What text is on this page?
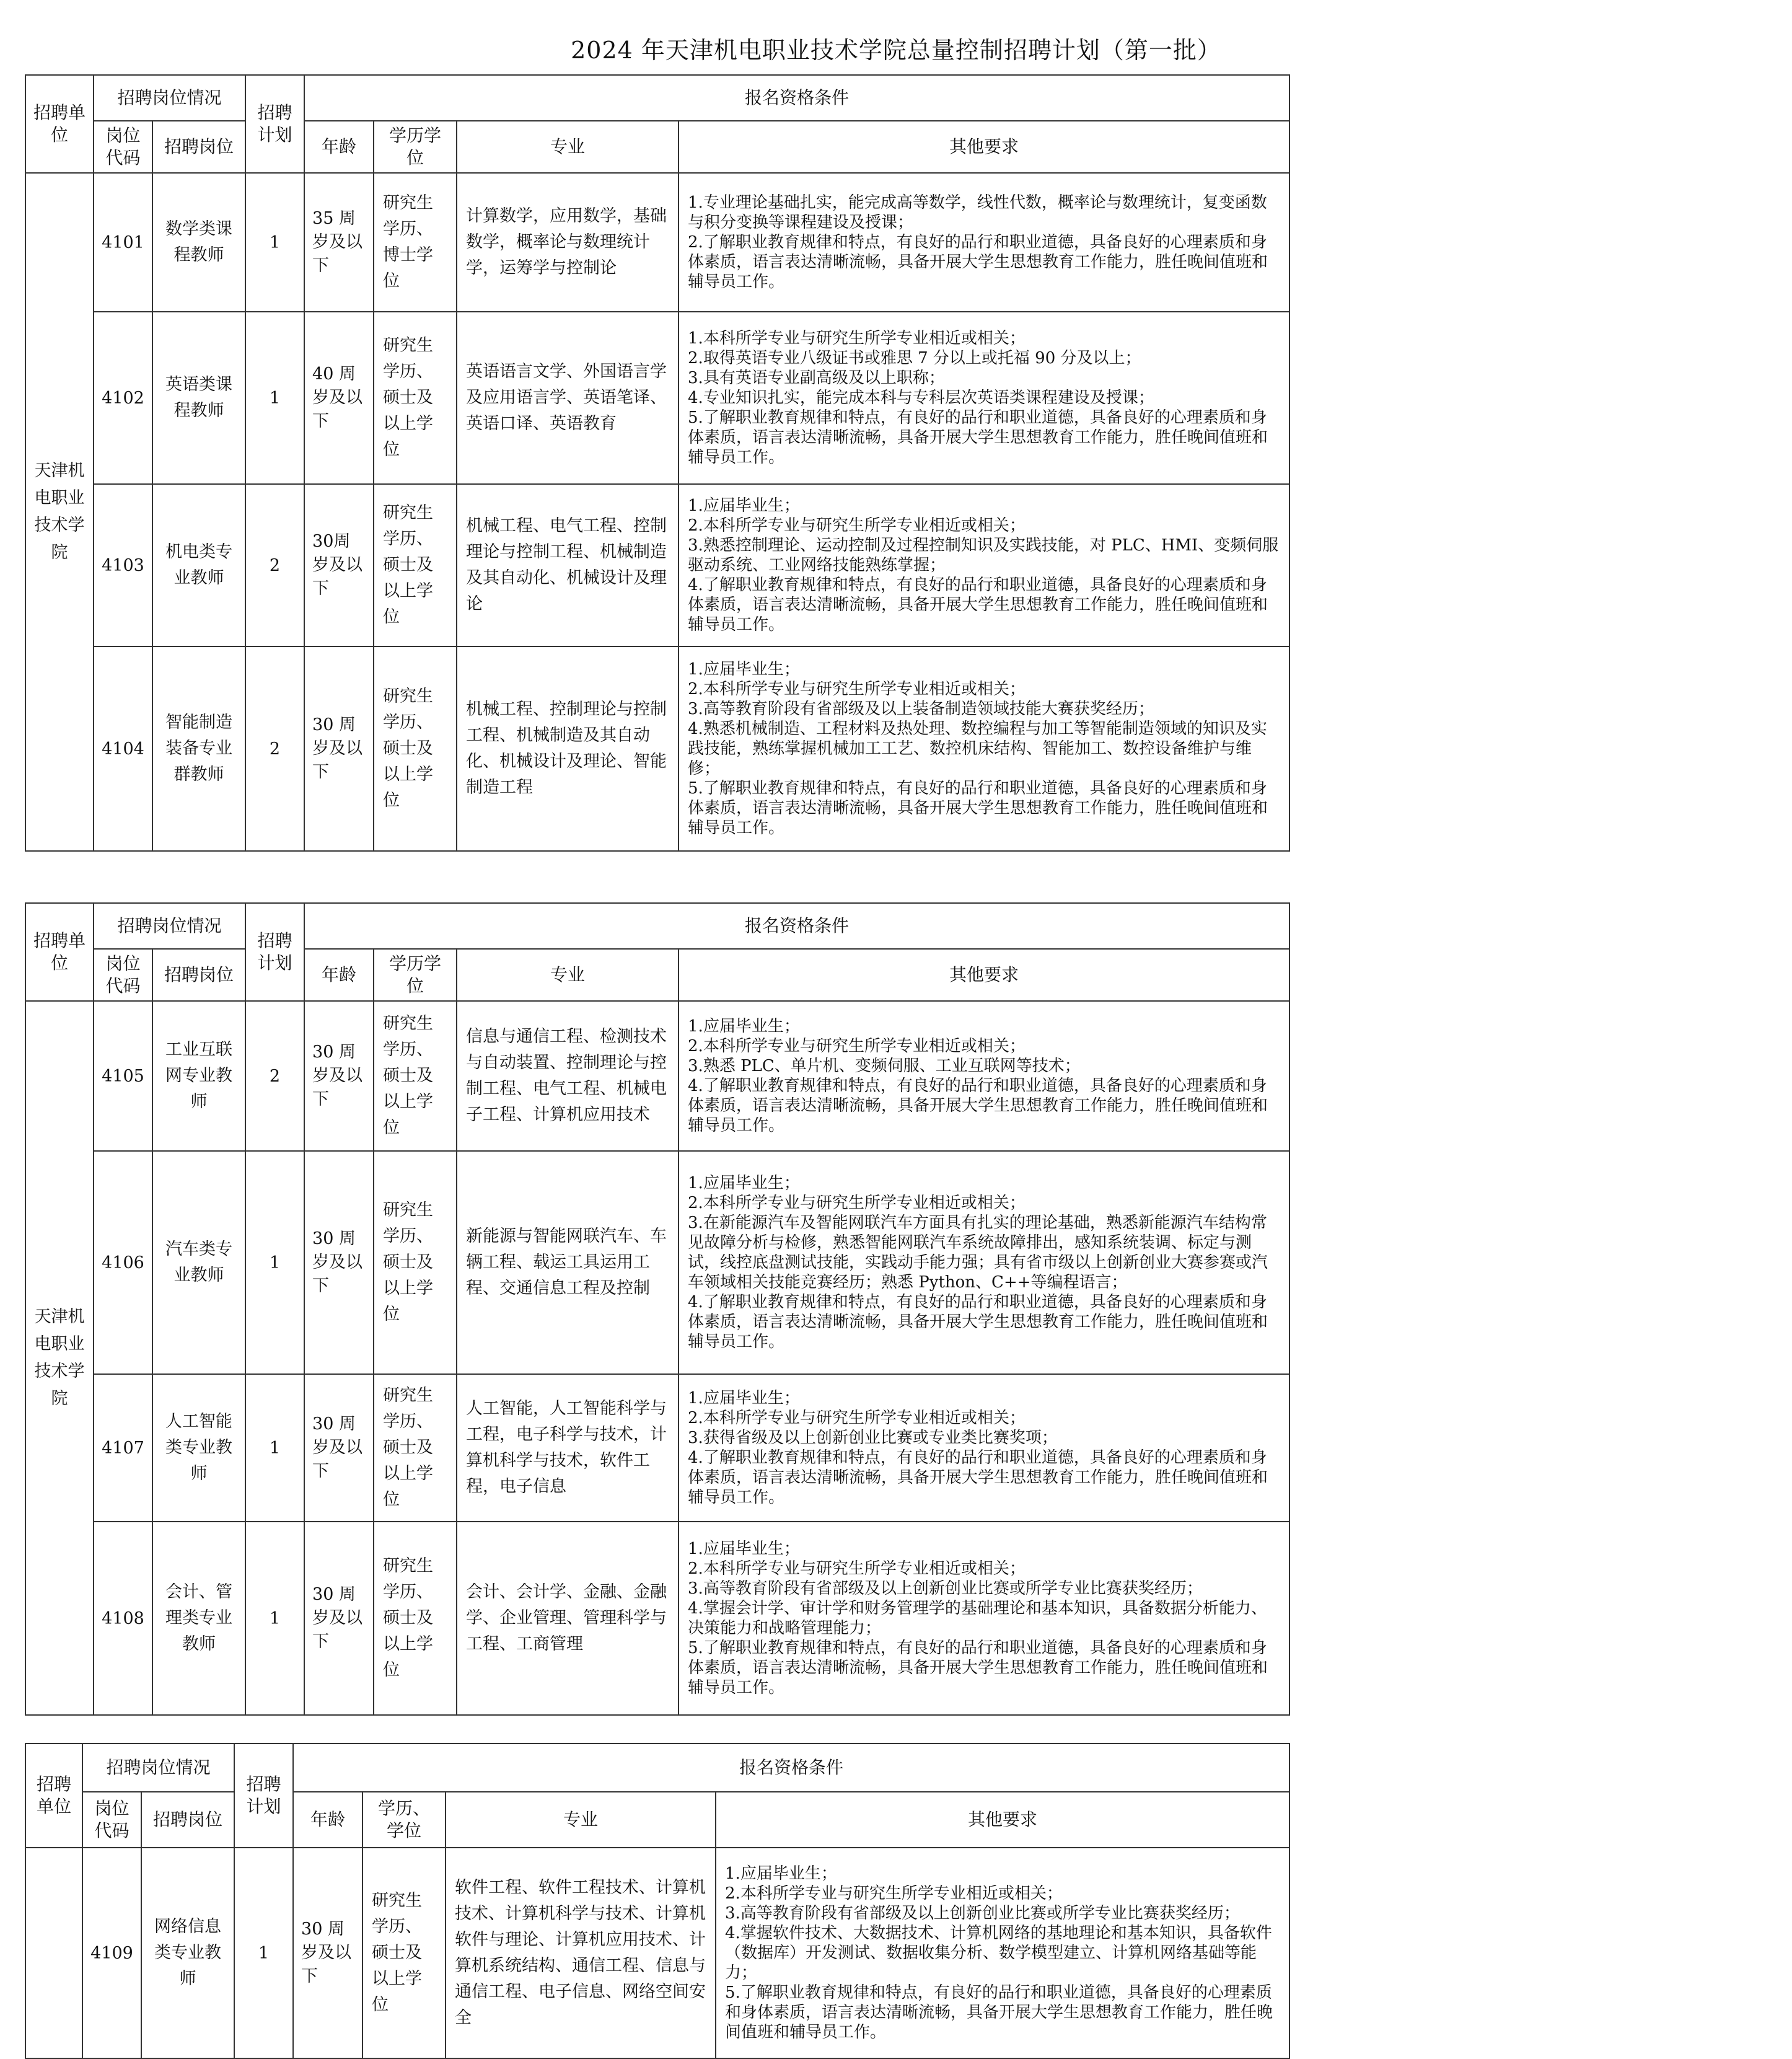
2024 年天津机电职业技术学院总量控制招聘计划（第一批）
招聘单位	招聘岗位情况		招聘计划	报名资格条件			
	岗位代码	招聘岗位		年龄	学历学位	专业	其他要求
天津机电职业技术学院	4101	数学类课程教师	1	35 周岁及以下	研究生学历、博士学位	计算数学，应用数学，基础数学，概率论与数理统计学，运筹学与控制论	1.专业理论基础扎实，能完成高等数学，线性代数，概率论与数理统计，复变函数与积分变换等课程建设及授课；
2.了解职业教育规律和特点，有良好的品行和职业道德，具备良好的心理素质和身体素质，语言表达清晰流畅，具备开展大学生思想教育工作能力，胜任晚间值班和辅导员工作。

	4102	英语类课程教师	1	40 周岁及以下	研究生学历、硕士及以上学位	英语语言文学、外国语言学及应用语言学、英语笔译、英语口译、英语教育	1.本科所学专业与研究生所学专业相近或相关；
2.取得英语专业八级证书或雅思 7 分以上或托福 90 分及以上；
3.具有英语专业副高级及以上职称；
4.专业知识扎实，能完成本科与专科层次英语类课程建设及授课；
5.了解职业教育规律和特点，有良好的品行和职业道德，具备良好的心理素质和身体素质，语言表达清晰流畅，具备开展大学生思想教育工作能力，胜任晚间值班和辅导员工作。

	4103	机电类专业教师	2	30周岁及以下	研究生学历、硕士及以上学位	机械工程、电气工程、控制理论与控制工程、机械制造及其自动化、机械设计及理论	1.应届毕业生；
2.本科所学专业与研究生所学专业相近或相关；
3.熟悉控制理论、运动控制及过程控制知识及实践技能，对 PLC、HMI、变频伺服驱动系统、工业网络技能熟练掌握；
4.了解职业教育规律和特点，有良好的品行和职业道德，具备良好的心理素质和身体素质，语言表达清晰流畅，具备开展大学生思想教育工作能力，胜任晚间值班和辅导员工作。

	4104	智能制造装备专业群教师	2	30 周岁及以下	研究生学历、硕士及以上学位	机械工程、控制理论与控制工程、机械制造及其自动化、机械设计及理论、智能制造工程	1.应届毕业生；
2.本科所学专业与研究生所学专业相近或相关；
3.高等教育阶段有省部级及以上装备制造领域技能大赛获奖经历；
4.熟悉机械制造、工程材料及热处理、数控编程与加工等智能制造领域的知识及实践技能，熟练掌握机械加工工艺、数控机床结构、智能加工、数控设备维护与维修；
5.了解职业教育规律和特点，有良好的品行和职业道德，具备良好的心理素质和身体素质，语言表达清晰流畅，具备开展大学生思想教育工作能力，胜任晚间值班和辅导员工作。
招聘单位	招聘岗位情况		招聘计划	报名资格条件			
	岗位代码	招聘岗位		年龄	学历学位	专业	其他要求
天津机电职业技术学院	4105	工业互联网专业教师	2	30 周岁及以下	研究生学历、硕士及以上学位	信息与通信工程、检测技术与自动装置、控制理论与控制工程、电气工程、机械电子工程、计算机应用技术	1.应届毕业生；
2.本科所学专业与研究生所学专业相近或相关；
3.熟悉 PLC、单片机、变频伺服、工业互联网等技术；
4.了解职业教育规律和特点，有良好的品行和职业道德，具备良好的心理素质和身体素质，语言表达清晰流畅，具备开展大学生思想教育工作能力，胜任晚间值班和辅导员工作。

	4106	汽车类专业教师	1	30 周岁及以下	研究生学历、硕士及以上学位	新能源与智能网联汽车、车辆工程、载运工具运用工程、交通信息工程及控制	1.应届毕业生；
2.本科所学专业与研究生所学专业相近或相关；
3.在新能源汽车及智能网联汽车方面具有扎实的理论基础，熟悉新能源汽车结构常见故障分析与检修，熟悉智能网联汽车系统故障排出，感知系统装调、标定与测试，线控底盘测试技能，实践动手能力强；具有省市级以上创新创业大赛参赛或汽车领域相关技能竞赛经历；熟悉 Python、C++等编程语言；
4.了解职业教育规律和特点，有良好的品行和职业道德，具备良好的心理素质和身体素质，语言表达清晰流畅，具备开展大学生思想教育工作能力，胜任晚间值班和辅导员工作。

	4107	人工智能类专业教师	1	30 周岁及以下	研究生学历、硕士及以上学位	人工智能，人工智能科学与工程，电子科学与技术，计算机科学与技术，软件工程，电子信息	1.应届毕业生；
2.本科所学专业与研究生所学专业相近或相关；
3.获得省级及以上创新创业比赛或专业类比赛奖项；
4.了解职业教育规律和特点，有良好的品行和职业道德，具备良好的心理素质和身体素质，语言表达清晰流畅，具备开展大学生思想教育工作能力，胜任晚间值班和辅导员工作。

	4108	会计、管理类专业教师	1	30 周岁及以下	研究生学历、硕士及以上学位	会计、会计学、金融、金融学、企业管理、管理科学与工程、工商管理	1.应届毕业生；
2.本科所学专业与研究生所学专业相近或相关；
3.高等教育阶段有省部级及以上创新创业比赛或所学专业比赛获奖经历；
4.掌握会计学、审计学和财务管理学的基础理论和基本知识，具备数据分析能力、决策能力和战略管理能力；
5.了解职业教育规律和特点，有良好的品行和职业道德，具备良好的心理素质和身体素质，语言表达清晰流畅，具备开展大学生思想教育工作能力，胜任晚间值班和辅导员工作。
招聘单位	招聘岗位情况		招聘计划	报名资格条件			
	岗位代码	招聘岗位		年龄	学历、学位	专业	其他要求
	4109	网络信息类专业教师	1	30 周岁及以下	研究生学历、硕士及以上学位	软件工程、软件工程技术、计算机技术、计算机科学与技术、计算机软件与理论、计算机应用技术、计算机系统结构、通信工程、信息与通信工程、电子信息、网络空间安全	1.应届毕业生；
2.本科所学专业与研究生所学专业相近或相关；
3.高等教育阶段有省部级及以上创新创业比赛或所学专业比赛获奖经历；
4.掌握软件技术、大数据技术、计算机网络的基地理论和基本知识，具备软件（数据库）开发测试、数据收集分析、数学模型建立、计算机网络基础等能力；
5.了解职业教育规律和特点，有良好的品行和职业道德，具备良好的心理素质和身体素质，语言表达清晰流畅，具备开展大学生思想教育工作能力，胜任晚间值班和辅导员工作。
